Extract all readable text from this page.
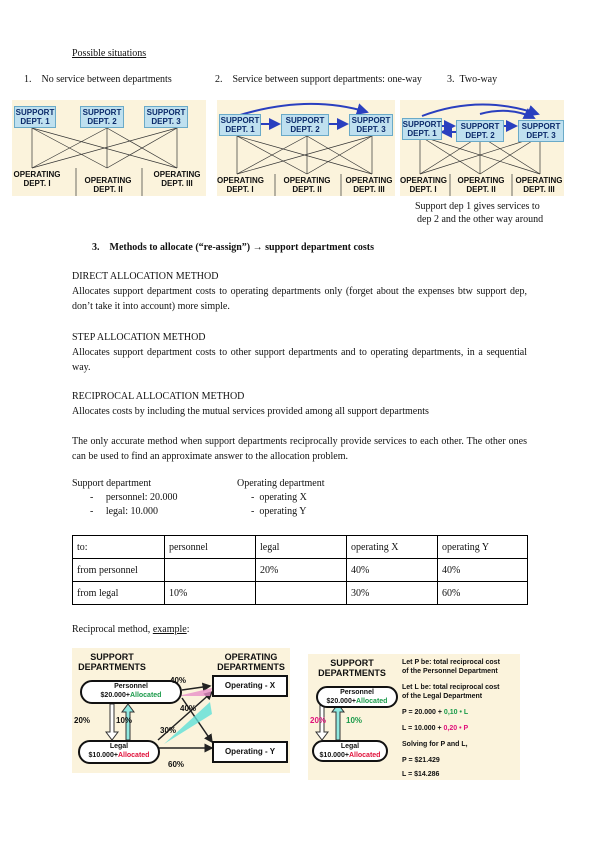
Possible situations
1.    No service between departments	2.    Service between support departments: one-way	3.  Two-way
SUPPORT DEPT. 1
SUPPORT DEPT. 2
SUPPORT DEPT. 3
OPERATING DEPT. I	OPERATING DEPT. II
OPERATING DEPT. III
SUPPORT DEPT. 1
SUPPORT DEPT. 2
SUPPORT DEPT. 3
OPERATING DEPT. I
OPERATING DEPT. II
OPERATING DEPT. III
SUPPORT DEPT. 1
SUPPORT DEPT. 2
SUPPORT DEPT. 3
OPERATING DEPT. I
OPERATING DEPT. II
OPERATING DEPT. III
Support dep 1 gives services to
dep 2 and the other way around
3.    Methods to allocate (“re-assign”) → support department costs
DIRECT ALLOCATION METHOD
Allocates support department costs to operating departments only (forget about the expenses btw support dep, don’t take it into account) more simple.
STEP ALLOCATION METHOD
Allocates support department costs to other support departments and to operating departments, in a sequential way.
RECIPROCAL ALLOCATION METHOD
Allocates costs by including the mutual services provided among all support departments
The only accurate method when support departments reciprocally provide services to each other. The other ones can be used to find an approximate answer to the allocation problem.
Support department
-     personnel: 20.000
-     legal: 10.000
Operating department
-  operating X
-  operating Y
to:	personnel	legal	operating X	operating Y
from personnel		20%	40%	40%
from legal	10%		30%	60%
Reciprocal method, example:
SUPPORT DEPARTMENTS
OPERATING DEPARTMENTS
Personnel
$20.000+Allocated
Legal
$10.000+Allocated
Operating - X
Operating - Y
40%
40%
20%	10%
30%
60%
SUPPORT DEPARTMENTS
Personnel
$20.000+Allocated
Legal
$10.000+Allocated
20% 10%
Let P be: total reciprocal cost
of the Personnel Department
Let L be: total reciprocal cost
of the Legal Department
P = 20.000 + 0,10 • L
L = 10.000 + 0,20 • P
Solving for P and L,
P = $21.429
L = $14.286
